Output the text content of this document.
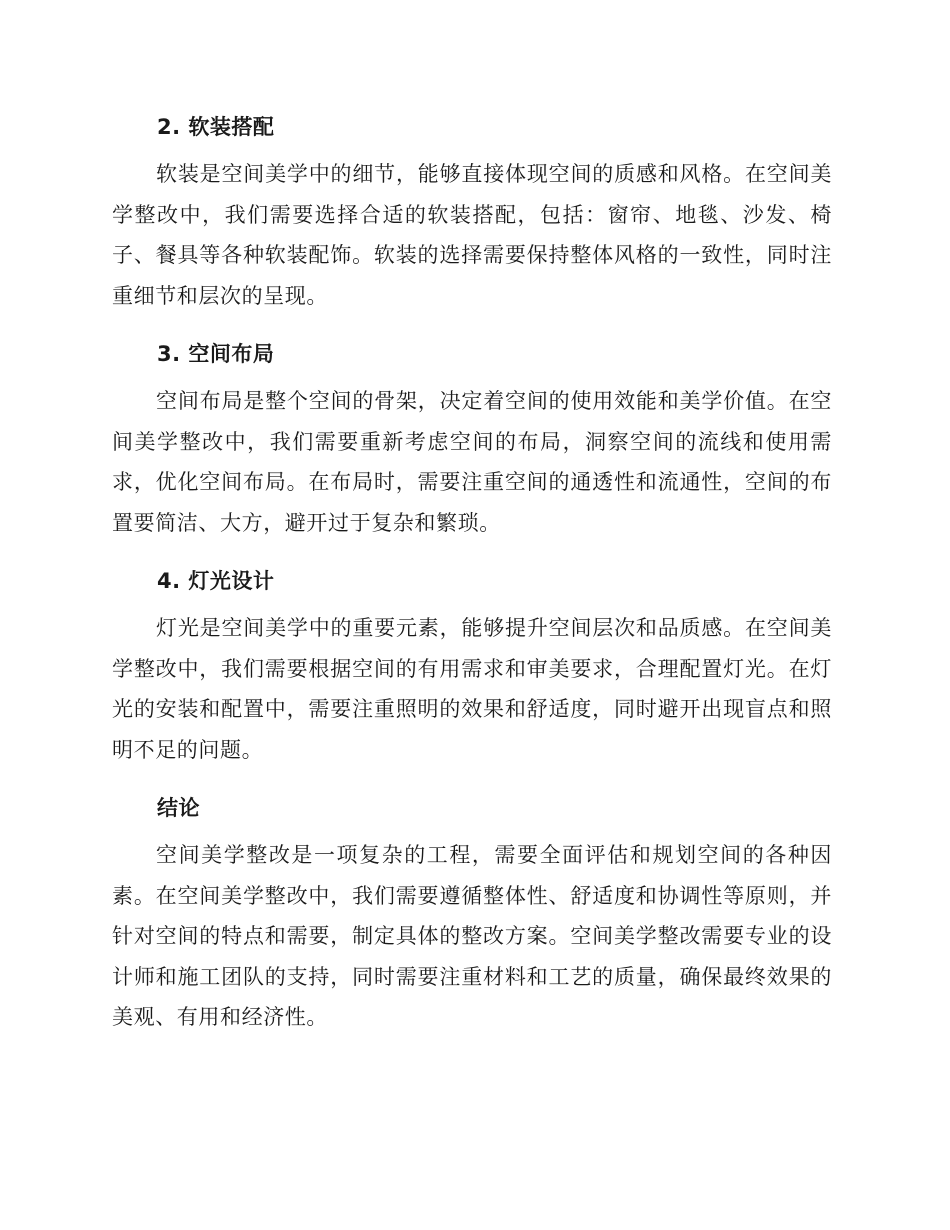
2. 软装搭配

软装是空间美学中的细节，能够直接体现空间的质感和风格。在空间美学整改中，我们需要选择合适的软装搭配，包括：窗帘、地毯、沙发、椅子、餐具等各种软装配饰。软装的选择需要保持整体风格的一致性，同时注重细节和层次的呈现。

3. 空间布局

空间布局是整个空间的骨架，决定着空间的使用效能和美学价值。在空间美学整改中，我们需要重新考虑空间的布局，洞察空间的流线和使用需求，优化空间布局。在布局时，需要注重空间的通透性和流通性，空间的布置要简洁、大方，避开过于复杂和繁琐。

4. 灯光设计

灯光是空间美学中的重要元素，能够提升空间层次和品质感。在空间美学整改中，我们需要根据空间的有用需求和审美要求，合理配置灯光。在灯光的安装和配置中，需要注重照明的效果和舒适度，同时避开出现盲点和照明不足的问题。

结论

空间美学整改是一项复杂的工程，需要全面评估和规划空间的各种因素。在空间美学整改中，我们需要遵循整体性、舒适度和协调性等原则，并针对空间的特点和需要，制定具体的整改方案。空间美学整改需要专业的设计师和施工团队的支持，同时需要注重材料和工艺的质量，确保最终效果的美观、有用和经济性。
